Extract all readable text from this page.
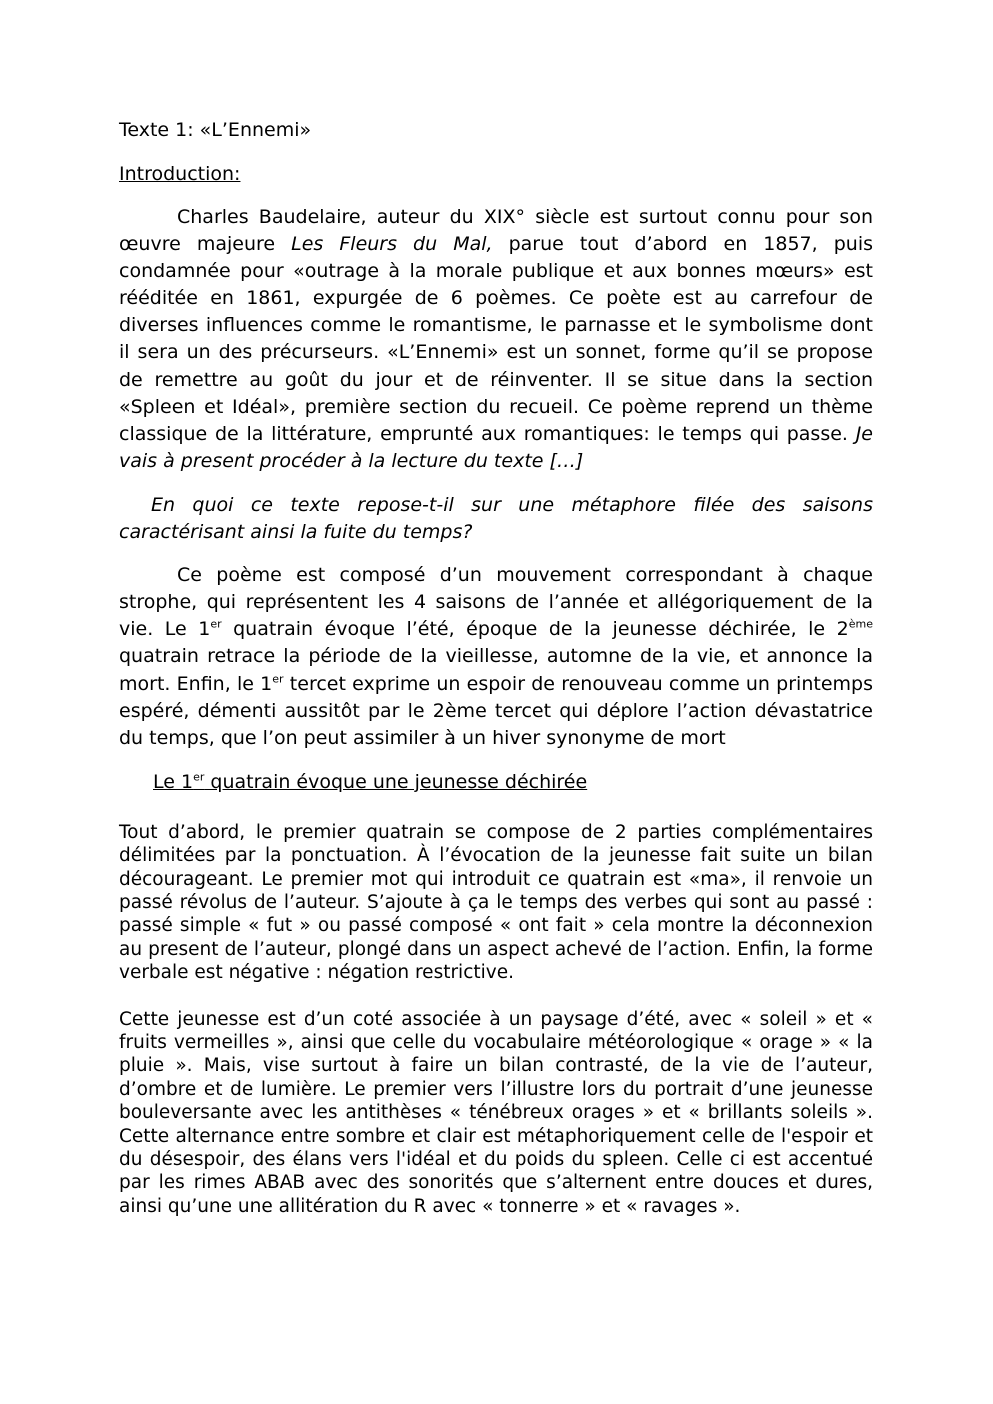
Texte 1: «L’Ennemi»

Introduction:

Charles Baudelaire, auteur du XIX° siècle est surtout connu pour son œuvre majeure Les Fleurs du Mal, parue tout d’abord en 1857, puis condamnée pour «outrage à la morale publique et aux bonnes mœurs» est rééditée en 1861, expurgée de 6 poèmes. Ce poète est au carrefour de diverses influences comme le romantisme, le parnasse et le symbolisme dont il sera un des précurseurs. «L’Ennemi» est un sonnet, forme qu’il se propose de remettre au goût du jour et de réinventer. Il se situe dans la section «Spleen et Idéal», première section du recueil. Ce poème reprend un thème classique de la littérature, emprunté aux romantiques: le temps qui passe. Je vais à present procéder à la lecture du texte […]

En quoi ce texte repose-t-il sur une métaphore filée des saisons caractérisant ainsi la fuite du temps?

Ce poème est composé d’un mouvement correspondant à chaque strophe, qui représentent les 4 saisons de l’année et allégoriquement de la vie. Le 1er quatrain évoque l’été, époque de la jeunesse déchirée, le 2ème quatrain retrace la période de la vieillesse, automne de la vie, et annonce la mort. Enfin, le 1er tercet exprime un espoir de renouveau comme un printemps espéré, démenti aussitôt par le 2ème tercet qui déplore l’action dévastatrice du temps, que l’on peut assimiler à un hiver synonyme de mort

Le 1er quatrain évoque une jeunesse déchirée

Tout d’abord, le premier quatrain se compose de 2 parties complémentaires délimitées par la ponctuation. À l’évocation de la jeunesse fait suite un bilan décourageant. Le premier mot qui introduit ce quatrain est «ma», il renvoie un passé révolus de l’auteur. S’ajoute à ça le temps des verbes qui sont au passé : passé simple « fut » ou passé composé « ont fait » cela montre la déconnexion au present de l’auteur, plongé dans un aspect achevé de l’action. Enfin, la forme verbale est négative : négation restrictive.

Cette jeunesse est d’un coté associée à un paysage d’été, avec « soleil » et « fruits vermeilles », ainsi que celle du vocabulaire météorologique « orage » « la pluie ». Mais, vise surtout à faire un bilan contrasté, de la vie de l’auteur, d’ombre et de lumière. Le premier vers l’illustre lors du portrait d’une jeunesse bouleversante avec les antithèses « ténébreux orages » et « brillants soleils ». Cette alternance entre sombre et clair est métaphoriquement celle de l'espoir et du désespoir, des élans vers l'idéal et du poids du spleen. Celle ci est accentué par les rimes ABAB avec des sonorités que s’alternent entre douces et dures, ainsi qu’une une allitération du R avec « tonnerre » et « ravages ».
